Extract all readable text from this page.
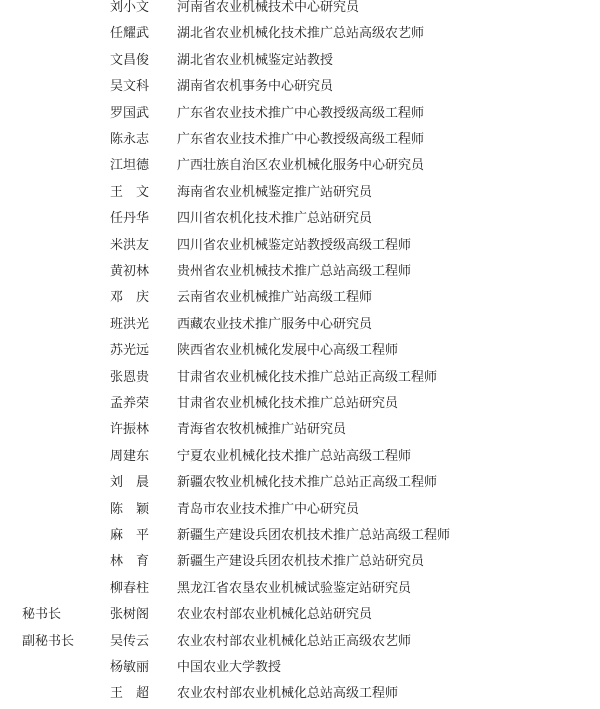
刘小文 河南省农业机械技术中心研究员
任耀武 湖北省农业机械化技术推广总站高级农艺师
文昌俊 湖北省农业机械鉴定站教授
吴文科 湖南省农机事务中心研究员
罗国武 广东省农业技术推广中心教授级高级工程师
陈永志 广东省农业技术推广中心教授级高级工程师
江坦德 广西壮族自治区农业机械化服务中心研究员
王　文 海南省农业机械鉴定推广站研究员
任丹华 四川省农机化技术推广总站研究员
米洪友 四川省农业机械鉴定站教授级高级工程师
黄初林 贵州省农业机械技术推广总站高级工程师
邓　庆 云南省农业机械推广站高级工程师
班洪光 西藏农业技术推广服务中心研究员
苏光远 陕西省农业机械化发展中心高级工程师
张恩贵 甘肃省农业机械化技术推广总站正高级工程师
孟养荣 甘肃省农业机械化技术推广总站研究员
许振林 青海省农牧机械推广站研究员
周建东 宁夏农业机械化技术推广总站高级工程师
刘　晨 新疆农牧业机械化技术推广总站正高级工程师
陈　颖 青岛市农业技术推广中心研究员
麻　平 新疆生产建设兵团农机技术推广总站高级工程师
林　育 新疆生产建设兵团农机技术推广总站研究员
柳春柱 黑龙江省农垦农业机械试验鉴定站研究员
秘书长	张树阁 农业农村部农业机械化总站研究员
副秘书长	吴传云 农业农村部农业机械化总站正高级农艺师
杨敏丽 中国农业大学教授
王　超 农业农村部农业机械化总站高级工程师
